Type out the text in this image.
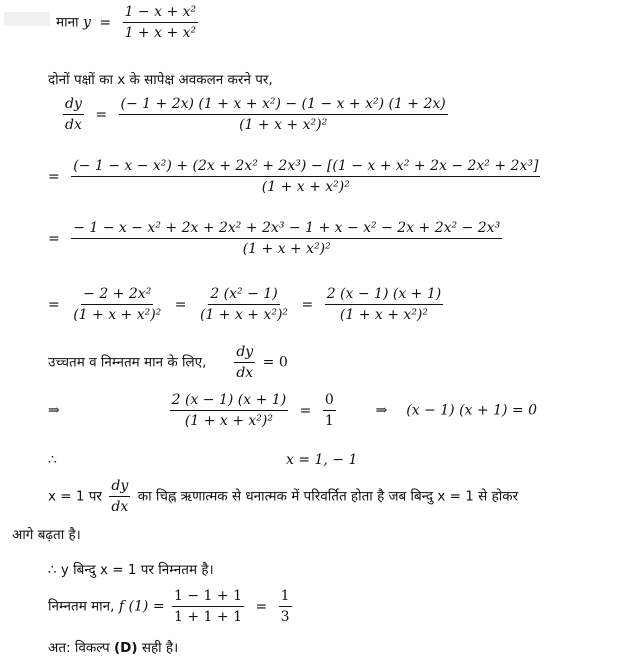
माना $y = \frac{\text{1 − x + x²}}{\text{1 + x + x²}}$
दोनों पक्षों का x के सापेक्ष अवकलन करने पर,
$\frac{dy}{dx} = \frac{\text{(− 1 + 2x) (1 + x + x²) − (1 − x + x²) (1 + 2x)}}{\text{(1 + x + x²)²}}$
=
(− 1 − x − x²) + (2x + 2x² + 2x³) − [(1 − x + x² + 2x − 2x² + 2x³]
(1 + x + x²)²
= $\frac{\text{− 1 − x − x² + 2x + 2x² + 2x³ − 1 + x − x² − 2x + 2x² − 2x³}}{\text{(1 + x + x²)²}}$
= $\frac{\text{− 2 + 2x²}}{\text{(1 + x + x²)²}} = \frac{\text{2 (x² − 1)}}{\text{(1 + x + x²)²}} = \frac{2 (x - 1) (x + 1)}{\text{(1 + x + x²)²}}$
उच्चतम व निम्नतम मान के लिए, $\frac{dy}{dx} = 0$
⇒	$\frac{2 (x - 1) (x + 1)}{\text{(1 + x + x²)²}} = \frac{0}{1}$	⇒ (x − 1) (x + 1) = 0
∴	x = 1, − 1
x = 1 पर $\frac{dy}{dx}$ का चिह्न ऋणात्मक से धनात्मक में परिवर्तित होता है जब बिन्दु x = 1 से होकर
आगे बढ़ता है।
∴ y बिन्दु x = 1 पर निम्नतम है।
निम्नतम मान, f $(1) = \frac{1 - 1 + 1}{1 + 1 + 1} = \frac{1}{3}$
अत: विकल्प (D) सही है।
